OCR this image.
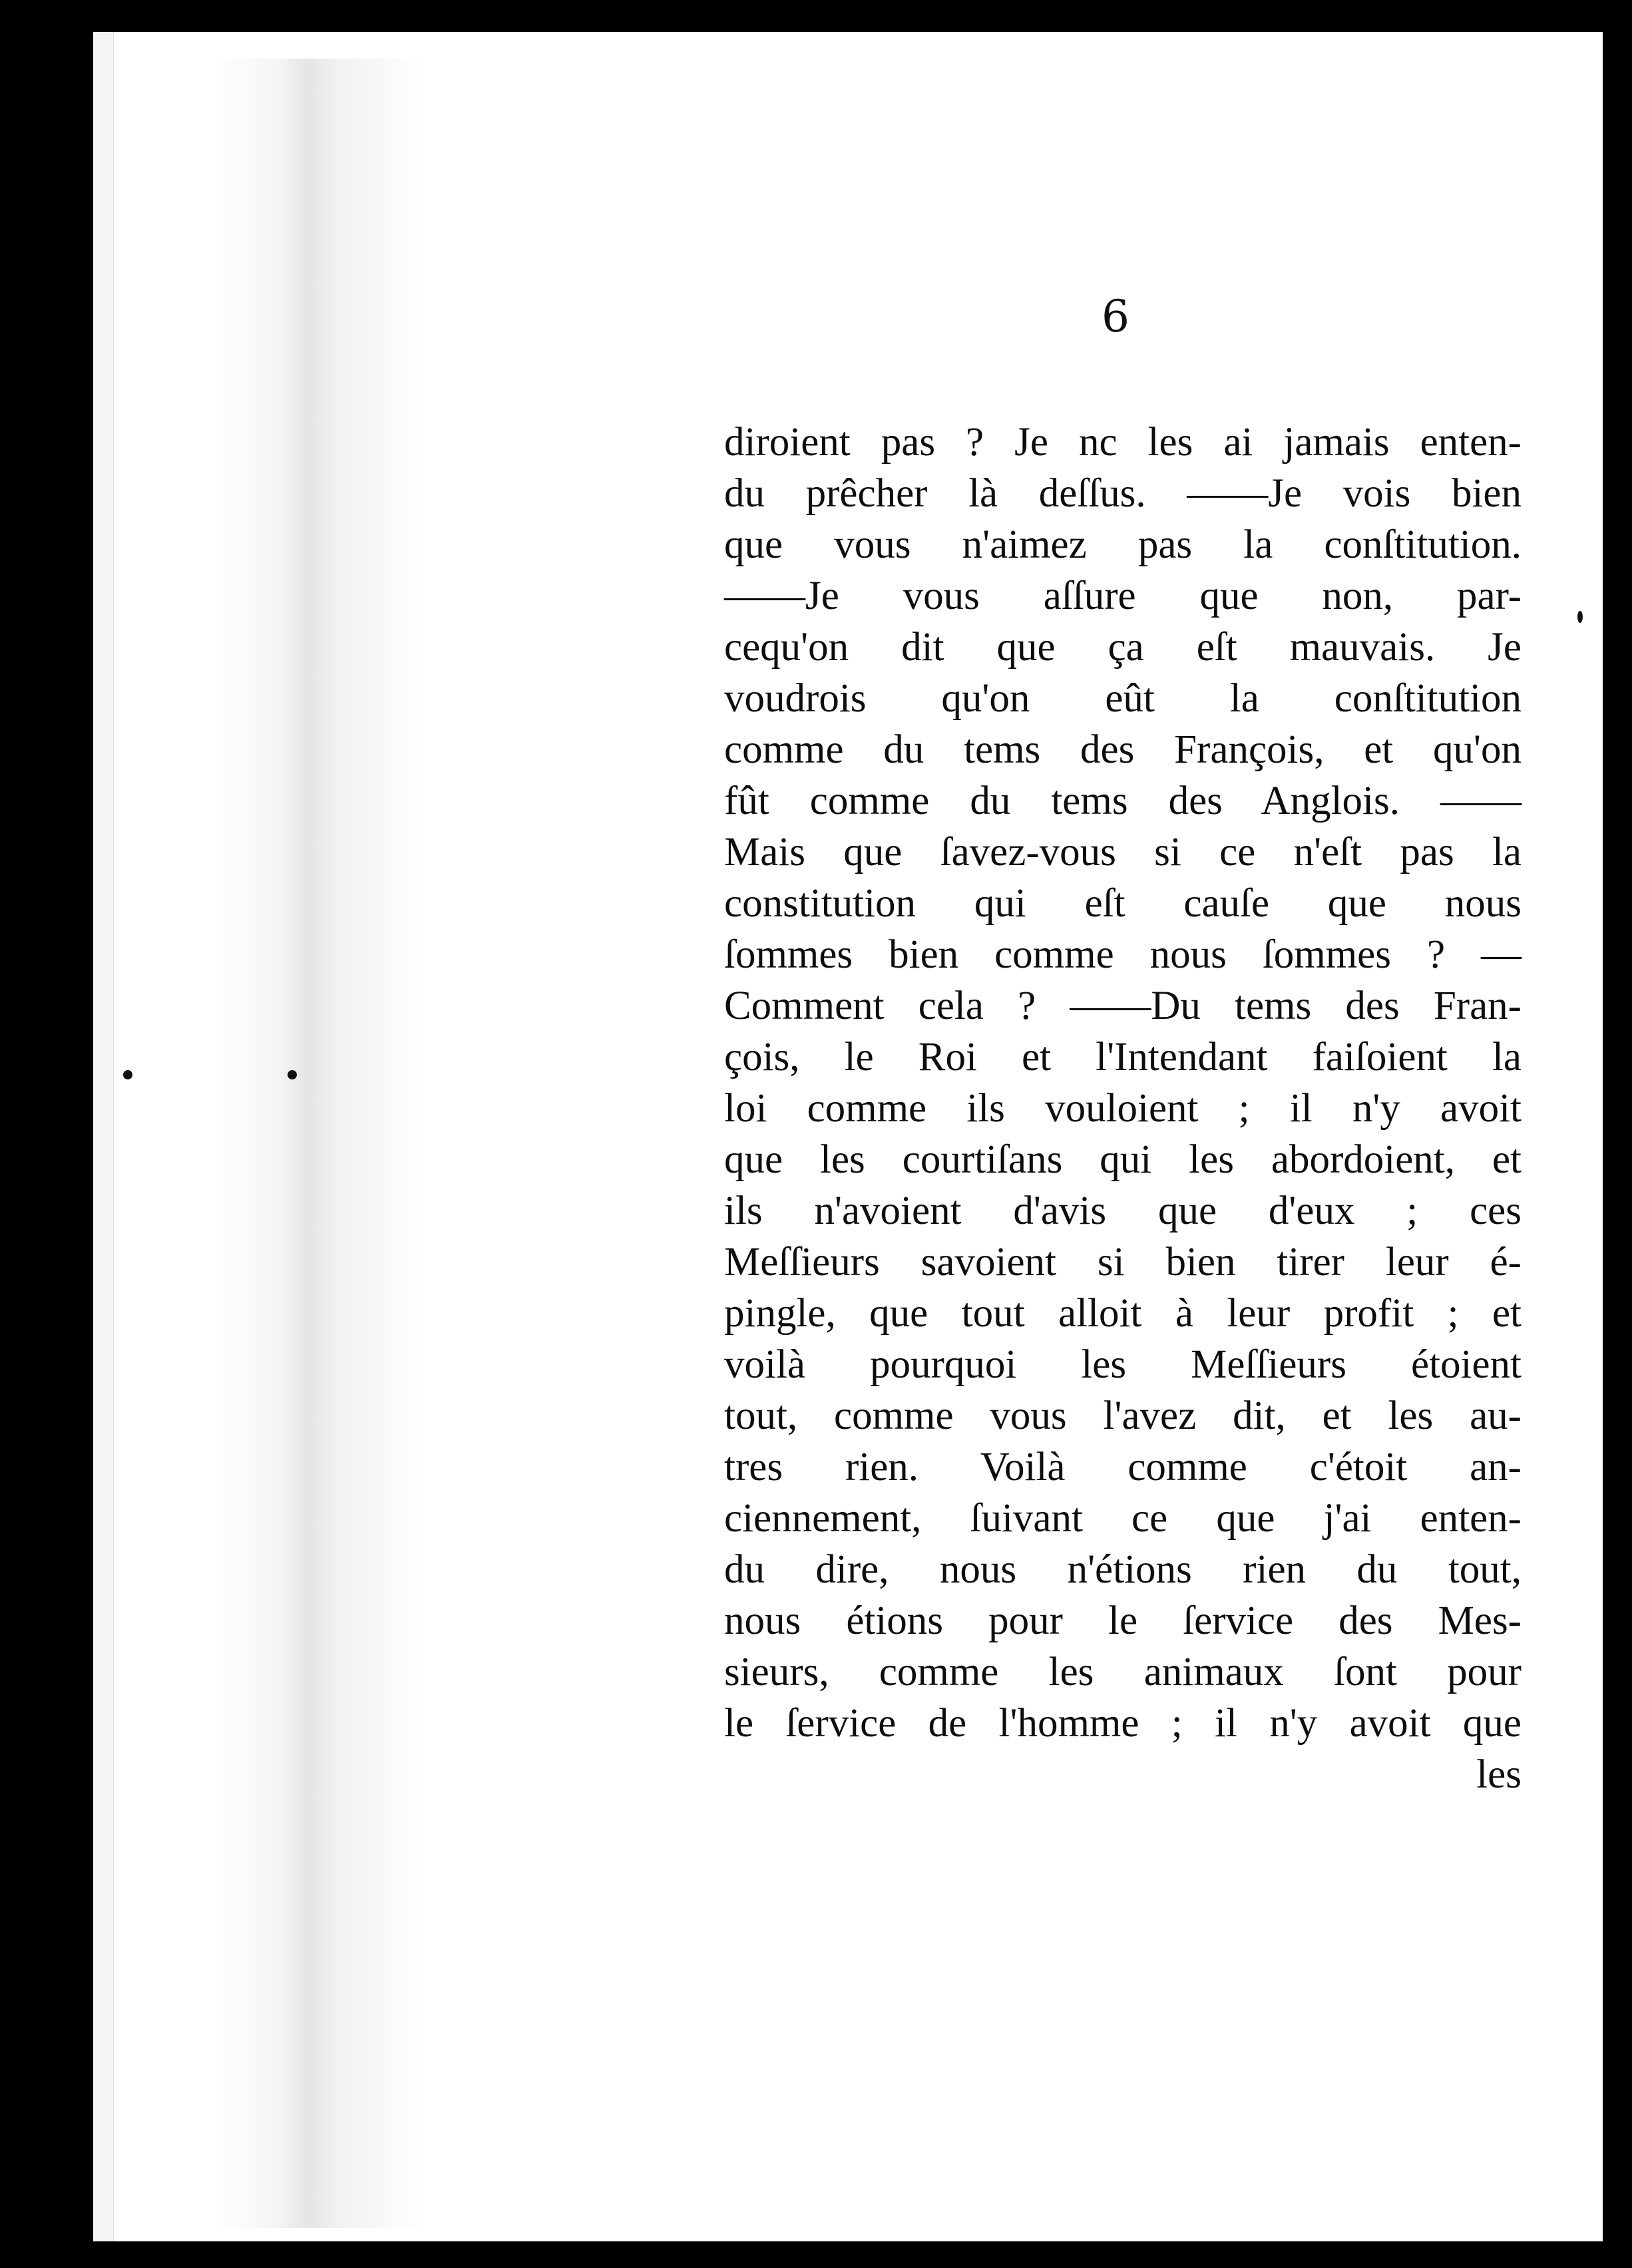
6
diroient pas ? Je nc les ai jamais enten-
du prêcher là deſſus. ——Je vois bien
que vous n'aimez pas la conſtitution.
——Je vous aſſure que non, par-
cequ'on dit que ça eſt mauvais. Je
voudrois qu'on eût la conſtitution
comme du tems des François, et qu'on
fût comme du tems des Anglois. ——
Mais que ſavez-vous si ce n'eſt pas la
constitution qui eſt cauſe que nous
ſommes bien comme nous ſommes ? —
Comment cela ? ——Du tems des Fran-
çois, le Roi et l'Intendant faiſoient la
loi comme ils vouloient ; il n'y avoit
que les courtiſans qui les abordoient, et
ils n'avoient d'avis que d'eux ; ces
Meſſieurs savoient si bien tirer leur é-
pingle, que tout alloit à leur profit ; et
voilà pourquoi les Meſſieurs étoient
tout, comme vous l'avez dit, et les au-
tres rien. Voilà comme c'étoit an-
ciennement, ſuivant ce que j'ai enten-
du dire, nous n'étions rien du tout,
nous étions pour le ſervice des Mes-
sieurs, comme les animaux ſont pour
le ſervice de l'homme ; il n'y avoit que
les
